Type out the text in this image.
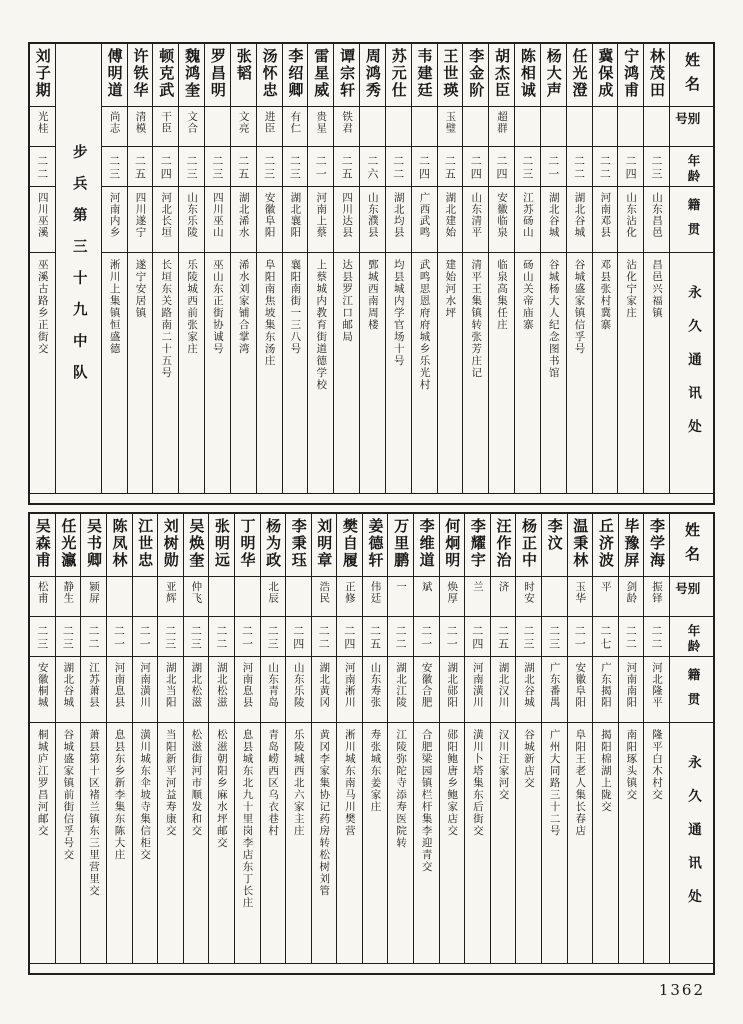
姓名
别号
年龄
籍贯
永久通讯处
林茂田
二三
山东昌邑
昌邑兴福镇
宁鸿甫
二四
山东沾化
沾化宁家庄
冀保成
二二
河南邓县
邓县张村冀寨
任光澄
二二
湖北谷城
谷城盛家镇信孚号
杨大声
二一
湖北谷城
谷城杨大人纪念图书馆
陈相诚
二三
江苏砀山
砀山关帝庙寨
胡杰臣
超群
二四
安徽临泉
临泉高集任庄
李金阶
二四
山东清平
清平王集镇转张芳庄记
王世瑛
玉璧
二五
湖北建始
建始河水坪
韦建廷
二四
广西武鸣
武鸣思恩府府城乡乐光村
苏元仕
二二
湖北均县
均县城内学官场十号
周鸿秀
二六
山东濮县
鄄城西南周楼
谭宗轩
铁君
二五
四川达县
达县罗江口邮局
雷星威
贵星
二一
河南上蔡
上蔡城内教育街道德学校
李绍卿
有仁
二三
湖北襄阳
襄阳南街一三八号
汤怀忠
进臣
二三
安徽阜阳
阜阳南焦坡集东汤庄
张韬
文亮
二五
湖北浠水
浠水刘家铺合掌湾
罗昌明
二三
四川巫山
巫山东正街协诚号
魏鸿奎
文合
二三
山东乐陵
乐陵城西前张家庄
顿克武
干臣
二四
河北长垣
长垣东关路南二十五号
许铁华
清模
二五
四川遂宁
遂宁安居镇
傅明道
尚志
二三
河南内乡
淅川上集镇恒盛德
步兵第三十九中队
刘子期
光桂
二二
四川巫溪
巫溪古路乡正街交
姓名
别号
年龄
籍贯
永久通讯处
李学海
振铎
二二
河北隆平
隆平白木村交
毕豫屏
剑龄
二二
河南南阳
南阳琢头镇交
丘济波
平
二七
广东揭阳
揭阳棉湖上陇交
温秉林
玉华
二一
安徽阜阳
阜阳王老人集长春店
李汶
二三
广东番禺
广州大同路三十二号
杨正中
时安
二三
湖北谷城
谷城新店交
汪作治
济
二五
湖北汉川
汉川汪家河交
李耀宇
兰
二四
河南潢川
潢川卜塔集东后街交
何炯明
焕厚
二一
湖北郧阳
郧阳鲍唐乡鲍家店交
李维道
斌
二一
安徽合肥
合肥梁园镇栏杆集李迎青交
万里鹏
一
二二
湖北江陵
江陵弥陀寺添寿医院转
姜德轩
伟廷
二五
山东寿张
寿张城东姜家庄
樊自履
正修
二四
河南淅川
淅川城东南马川樊营
刘明章
浩民
二二
湖北黄冈
黄冈李家集协记药房转松树刘管
李秉珏
二四
山东乐陵
乐陵城西北六家主庄
杨为政
北辰
二三
山东青岛
青岛崂西区乌衣巷村
丁明华
二一
河南息县
息县城东北九十里岗李店东丁长庄
张明远
二二
湖北松滋
松滋朝阳乡麻水坪邮交
吴焕奎
仲飞
二三
湖北松滋
松滋街河市顺发和交
刘树勋
亚辉
二三
湖北当阳
当阳新平河益寿康交
江世忠
二一
河南潢川
潢川城东伞坡寺集信柜交
陈凤林
二一
河南息县
息县东乡新李集东陈大庄
吴书卿
颍屏
二二
江苏萧县
萧县第十区褚兰镇东三里营里交
任光瀛
静生
二三
湖北谷城
谷城盛家镇前街信孚号交
吴森甫
松甫
二三
安徽桐城
桐城庐江罗昌河邮交
1362
